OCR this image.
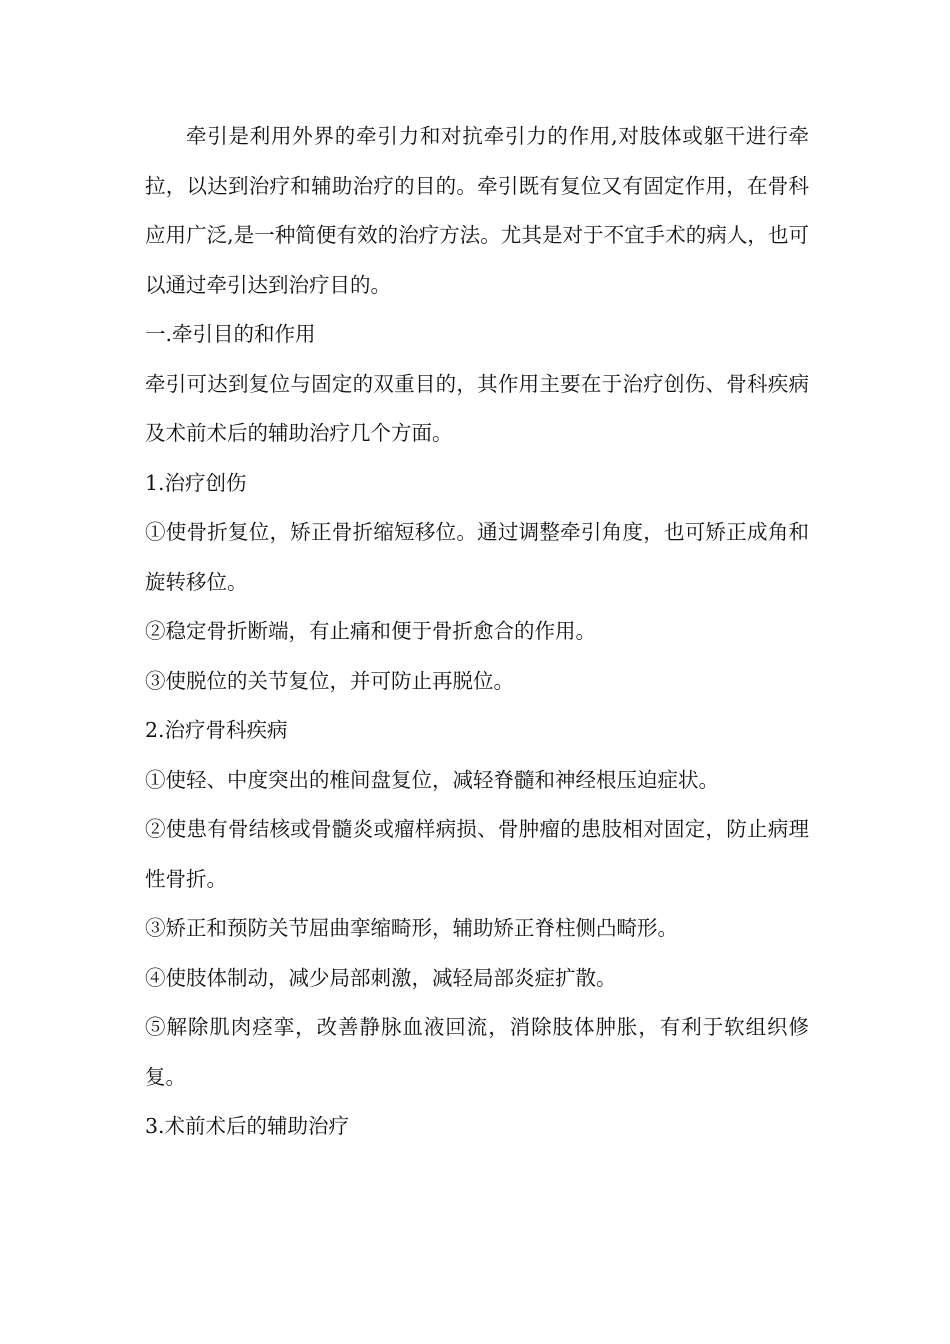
牵引是利用外界的牵引力和对抗牵引力的作用,对肢体或躯干进行牵拉，以达到治疗和辅助治疗的目的。牵引既有复位又有固定作用，在骨科应用广泛,是一种简便有效的治疗方法。尤其是对于不宜手术的病人，也可以通过牵引达到治疗目的。

一.牵引目的和作用

牵引可达到复位与固定的双重目的，其作用主要在于治疗创伤、骨科疾病及术前术后的辅助治疗几个方面。

1.治疗创伤

①使骨折复位，矫正骨折缩短移位。通过调整牵引角度，也可矫正成角和旋转移位。

②稳定骨折断端，有止痛和便于骨折愈合的作用。

③使脱位的关节复位，并可防止再脱位。

2.治疗骨科疾病

①使轻、中度突出的椎间盘复位，减轻脊髓和神经根压迫症状。

②使患有骨结核或骨髓炎或瘤样病损、骨肿瘤的患肢相对固定，防止病理性骨折。

③矫正和预防关节屈曲挛缩畸形，辅助矫正脊柱侧凸畸形。

④使肢体制动，减少局部刺激，减轻局部炎症扩散。

⑤解除肌肉痉挛，改善静脉血液回流，消除肢体肿胀，有利于软组织修复。

3.术前术后的辅助治疗
